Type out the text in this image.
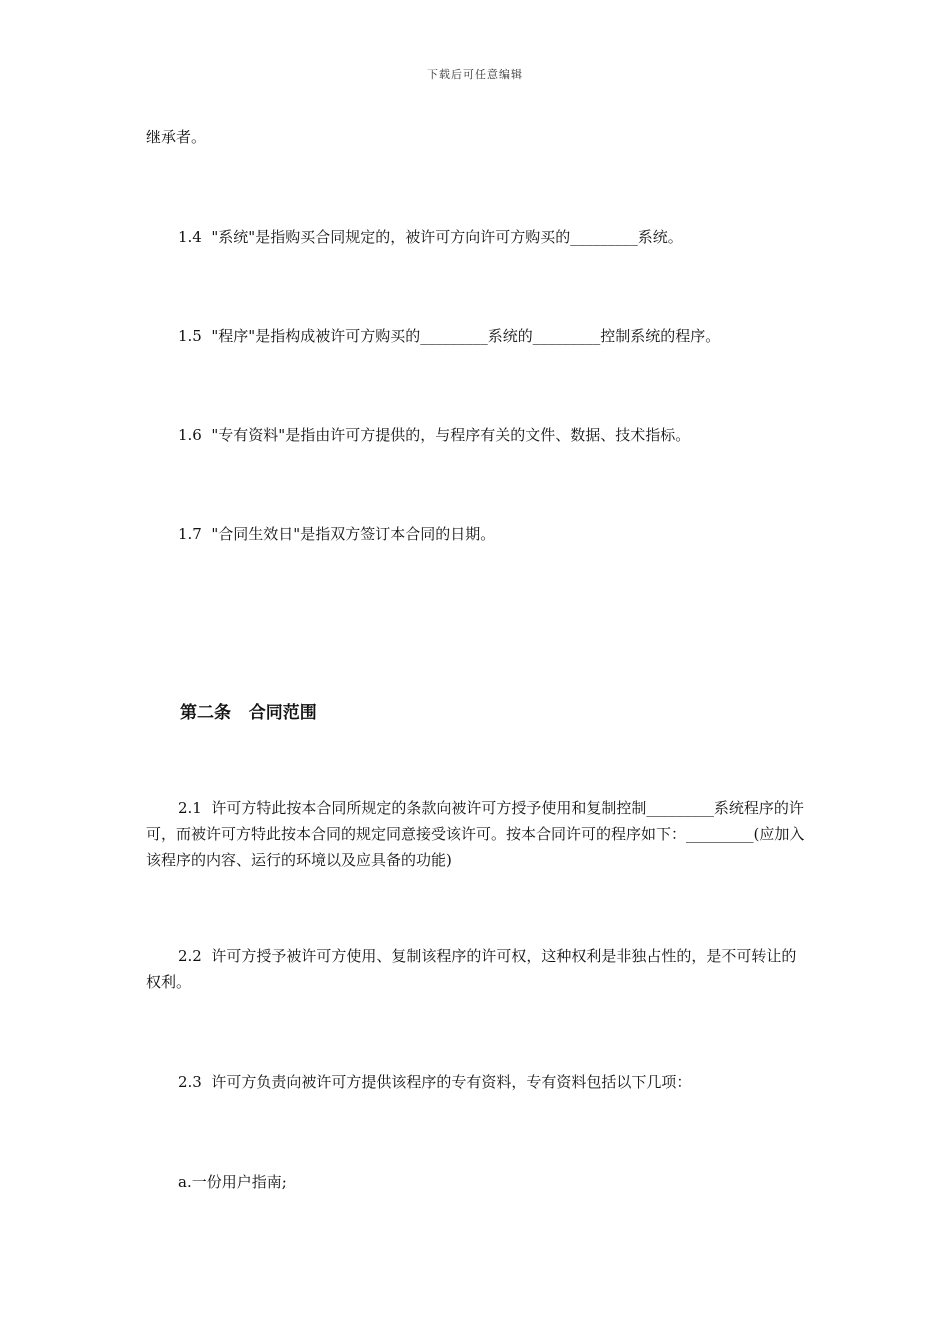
下载后可任意编辑
继承者。
1.4  "系统"是指购买合同规定的，被许可方向许可方购买的_________系统。
1.5  "程序"是指构成被许可方购买的_________系统的_________控制系统的程序。
1.6  "专有资料"是指由许可方提供的，与程序有关的文件、数据、技术指标。
1.7  "合同生效日"是指双方签订本合同的日期。
第二条   合同范围
2.1  许可方特此按本合同所规定的条款向被许可方授予使用和复制控制_________系统程序的许可，而被许可方特此按本合同的规定同意接受该许可。按本合同许可的程序如下：_________(应加入该程序的内容、运行的环境以及应具备的功能)
2.2  许可方授予被许可方使用、复制该程序的许可权，这种权利是非独占性的，是不可转让的权利。
2.3  许可方负责向被许可方提供该程序的专有资料，专有资料包括以下几项：
a.一份用户指南;
